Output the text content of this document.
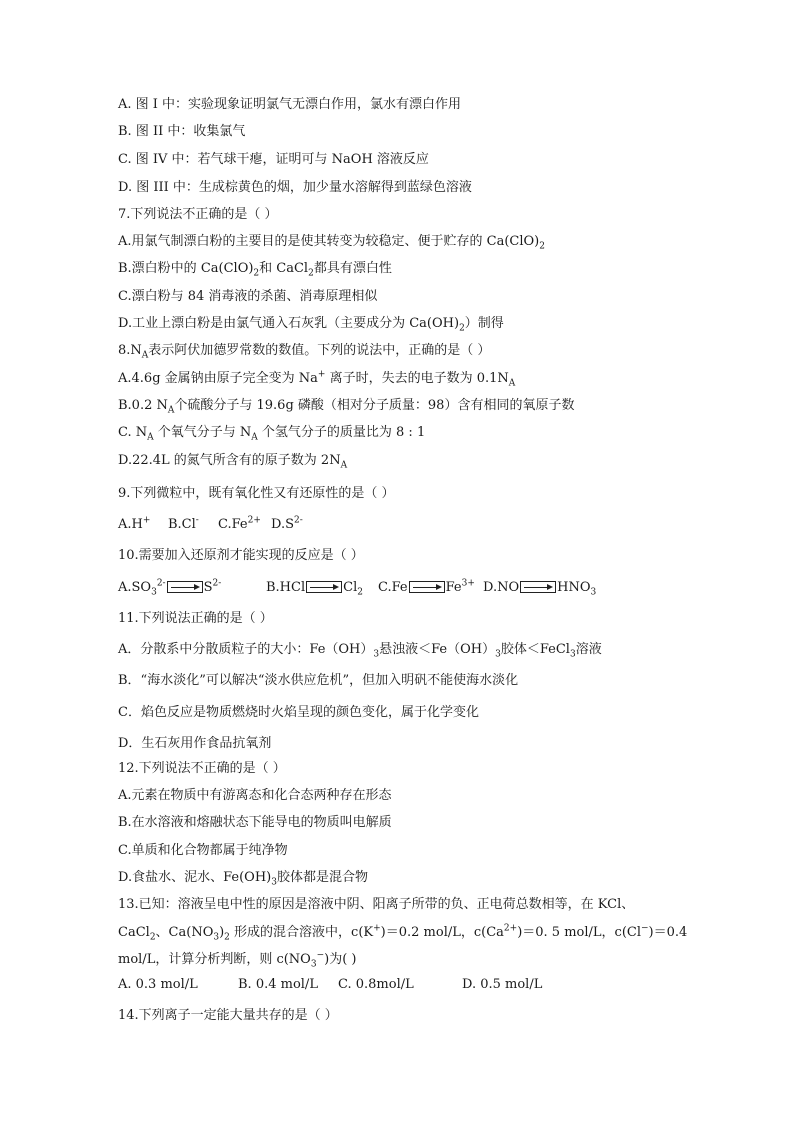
A. 图 I 中：实验现象证明氯气无漂白作用，氯水有漂白作用
B. 图 II 中：收集氯气
C. 图 IV 中：若气球干瘪，证明可与 NaOH 溶液反应
D. 图 III 中：生成棕黄色的烟，加少量水溶解得到蓝绿色溶液
7.下列说法不正确的是（ ）
A.用氯气制漂白粉的主要目的是使其转变为较稳定、便于贮存的 $Ca(ClO)_2$
B.漂白粉中的 $Ca(ClO)_2$和 CaCl$_2$都具有漂白性
C.漂白粉与 84 消毒液的杀菌、消毒原理相似
D.工业上漂白粉是由氯气通入石灰乳（主要成分为 $Ca(OH)_2$）制得
$8.N_A$表示阿伏加德罗常数的数值。下列的说法中，正确的是（ ）
A.4.6g 金属钠由原子完全变为 Na+ 离子时，失去的电子数为 $0.1N_A$
B.0.2 $N_A$个硫酸分子与 19.6g 磷酸（相对分子质量：98）含有相同的氧原子数
C. $N_A$ 个氧气分子与 $N_A$ 个氢气分子的质量比为 8 : 1
D.22.4L 的氮气所含有的原子数为 $2N_A$
9.下列微粒中，既有氧化性又有还原性的是（ ）
A.H+ B.Cl- $C.Fe^{2+}$ $D.S^{2-}$
10.需要加入还原剂才能实现的反应是（ ）
$A.SO_3^{2-}\to S^{2-}$	$B.HCl\to Cl_2$ $C.Fe\to Fe^{3+}$ $D.NO\to HNO_3$
11.下列说法正确的是（ ）
A．分散系中分散质粒子的大小：$Fe(OH)_3$悬浊液$<Fe(OH)_3$胶体＜FeCl$_3$溶液
B．“海水淡化”可以解决“淡水供应危机”，但加入明矾不能使海水淡化
C．焰色反应是物质燃烧时火焰呈现的颜色变化，属于化学变化
D．生石灰用作食品抗氧剂
12.下列说法不正确的是（ ）
A.元素在物质中有游离态和化合态两种存在形态
B.在水溶液和熔融状态下能导电的物质叫电解质
C.单质和化合物都属于纯净物
D.食盐水、泥水、$Fe(OH)_3$胶体都是混合物
13.已知：溶液呈电中性的原因是溶液中阴、阳离子所带的负、正电荷总数相等，在 KCl、
CaCl$_2$、$Ca(NO_3)_2$ 形成的混合溶液中，c(K+)＝0.2 mol/L，$c(Ca^{2+})=0$. 5 mol/L，c(Cl−)＝0.4
mol/L，计算分析判断，则 $c(NO_3^-)$为( )
A. 0.3 mol/L	B. 0.4 mol/L C. 0.8mol/L	D. 0.5 mol/L
14.下列离子一定能大量共存的是（ ）
